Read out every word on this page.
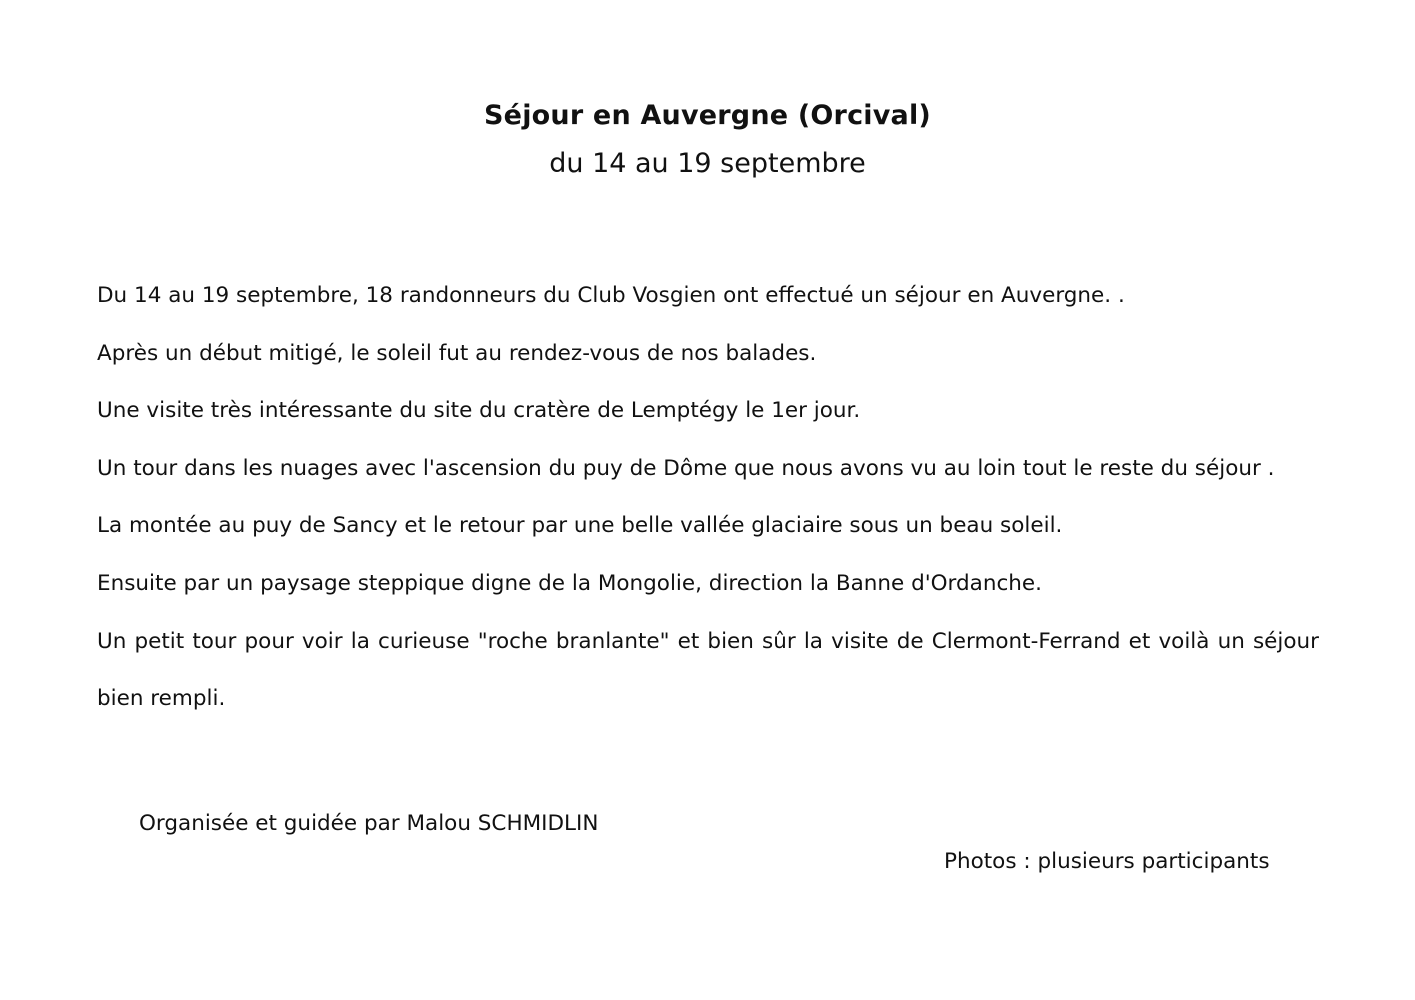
Séjour en Auvergne (Orcival)
du 14 au 19 septembre

Du 14 au 19 septembre, 18 randonneurs du Club Vosgien ont effectué un séjour en Auvergne. .

Après un début mitigé, le soleil fut au rendez-vous de nos balades.

Une visite très intéressante du site du cratère de Lemptégy le 1er jour.

Un tour dans les nuages avec l'ascension du puy de Dôme que nous avons vu au loin tout le reste du séjour .

La montée au puy de Sancy et le retour par une belle vallée glaciaire sous un beau soleil.

Ensuite par un paysage steppique digne de la Mongolie, direction la Banne d'Ordanche.

Un petit tour pour voir la curieuse "roche branlante" et bien sûr la visite de Clermont-Ferrand et voilà un séjour bien rempli.

Organisée et guidée par Malou SCHMIDLIN
Photos : plusieurs participants
